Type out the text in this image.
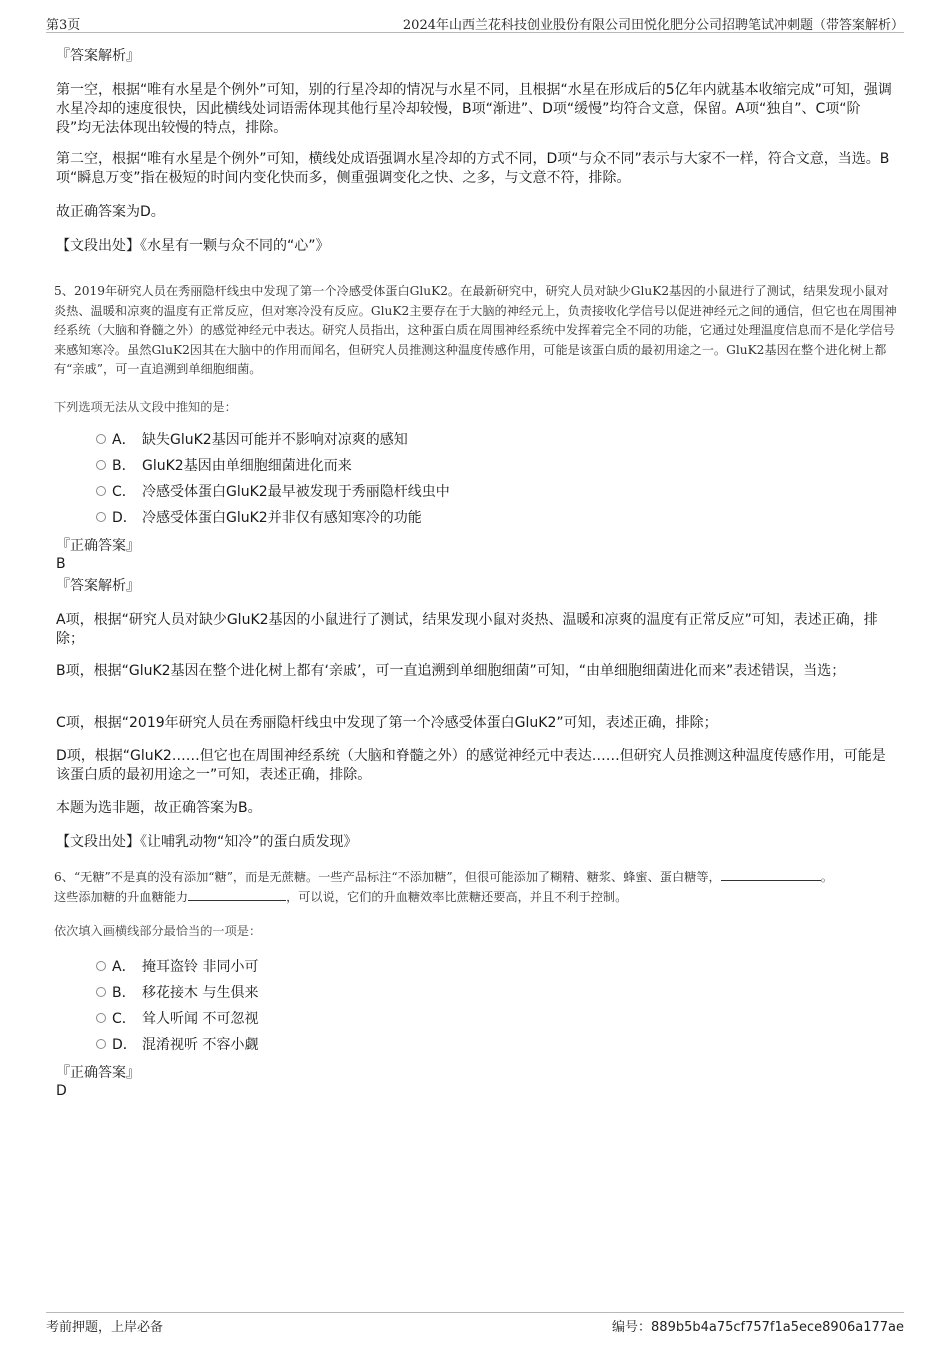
第3页	2024年山西兰花科技创业股份有限公司田悦化肥分公司招聘笔试冲刺题（带答案解析）
『答案解析』
第一空，根据“唯有水星是个例外”可知，别的行星冷却的情况与水星不同，且根据“水星在形成后的5亿年内就基本收缩完成”可知，强调水星冷却的速度很快，因此横线处词语需体现其他行星冷却较慢，B项“渐进”、D项“缓慢”均符合文意，保留。A项“独自”、C项“阶段”均无法体现出较慢的特点，排除。
第二空，根据“唯有水星是个例外”可知，横线处成语强调水星冷却的方式不同，D项“与众不同”表示与大家不一样，符合文意，当选。B项“瞬息万变”指在极短的时间内变化快而多，侧重强调变化之快、之多，与文意不符，排除。
故正确答案为D。
【文段出处】《水星有一颗与众不同的“心”》
5、2019年研究人员在秀丽隐杆线虫中发现了第一个冷感受体蛋白GluK2。在最新研究中，研究人员对缺少GluK2基因的小鼠进行了测试，结果发现小鼠对炎热、温暖和凉爽的温度有正常反应，但对寒冷没有反应。GluK2主要存在于大脑的神经元上，负责接收化学信号以促进神经元之间的通信，但它也在周围神经系统（大脑和脊髓之外）的感觉神经元中表达。研究人员指出，这种蛋白质在周围神经系统中发挥着完全不同的功能，它通过处理温度信息而不是化学信号来感知寒冷。虽然GluK2因其在大脑中的作用而闻名，但研究人员推测这种温度传感作用，可能是该蛋白质的最初用途之一。GluK2基因在整个进化树上都有“亲戚”，可一直追溯到单细胞细菌。
下列选项无法从文段中推知的是：
A． 缺失GluK2基因可能并不影响对凉爽的感知
B． GluK2基因由单细胞细菌进化而来
C． 冷感受体蛋白GluK2最早被发现于秀丽隐杆线虫中
D． 冷感受体蛋白GluK2并非仅有感知寒冷的功能
『正确答案』
B
『答案解析』
A项，根据“研究人员对缺少GluK2基因的小鼠进行了测试，结果发现小鼠对炎热、温暖和凉爽的温度有正常反应”可知，表述正确，排除；
B项，根据“GluK2基因在整个进化树上都有‘亲戚’，可一直追溯到单细胞细菌”可知，“由单细胞细菌进化而来”表述错误，当选；
C项，根据“2019年研究人员在秀丽隐杆线虫中发现了第一个冷感受体蛋白GluK2”可知，表述正确，排除；
D项，根据“GluK2……但它也在周围神经系统（大脑和脊髓之外）的感觉神经元中表达……但研究人员推测这种温度传感作用，可能是该蛋白质的最初用途之一”可知，表述正确，排除。
本题为选非题，故正确答案为B。
【文段出处】《让哺乳动物“知冷”的蛋白质发现》
6、“无糖”不是真的没有添加“糖”，而是无蔗糖。一些产品标注“不添加糖”，但很可能添加了糊精、糖浆、蜂蜜、蛋白糖等，	。
这些添加糖的升血糖能力	，可以说，它们的升血糖效率比蔗糖还要高，并且不利于控制。
依次填入画横线部分最恰当的一项是：
A． 掩耳盗铃 非同小可
B． 移花接木 与生俱来
C． 耸人听闻 不可忽视
D． 混淆视听 不容小觑
『正确答案』
D
考前押题，上岸必备	编号：889b5b4a75cf757f1a5ece8906a177ae
